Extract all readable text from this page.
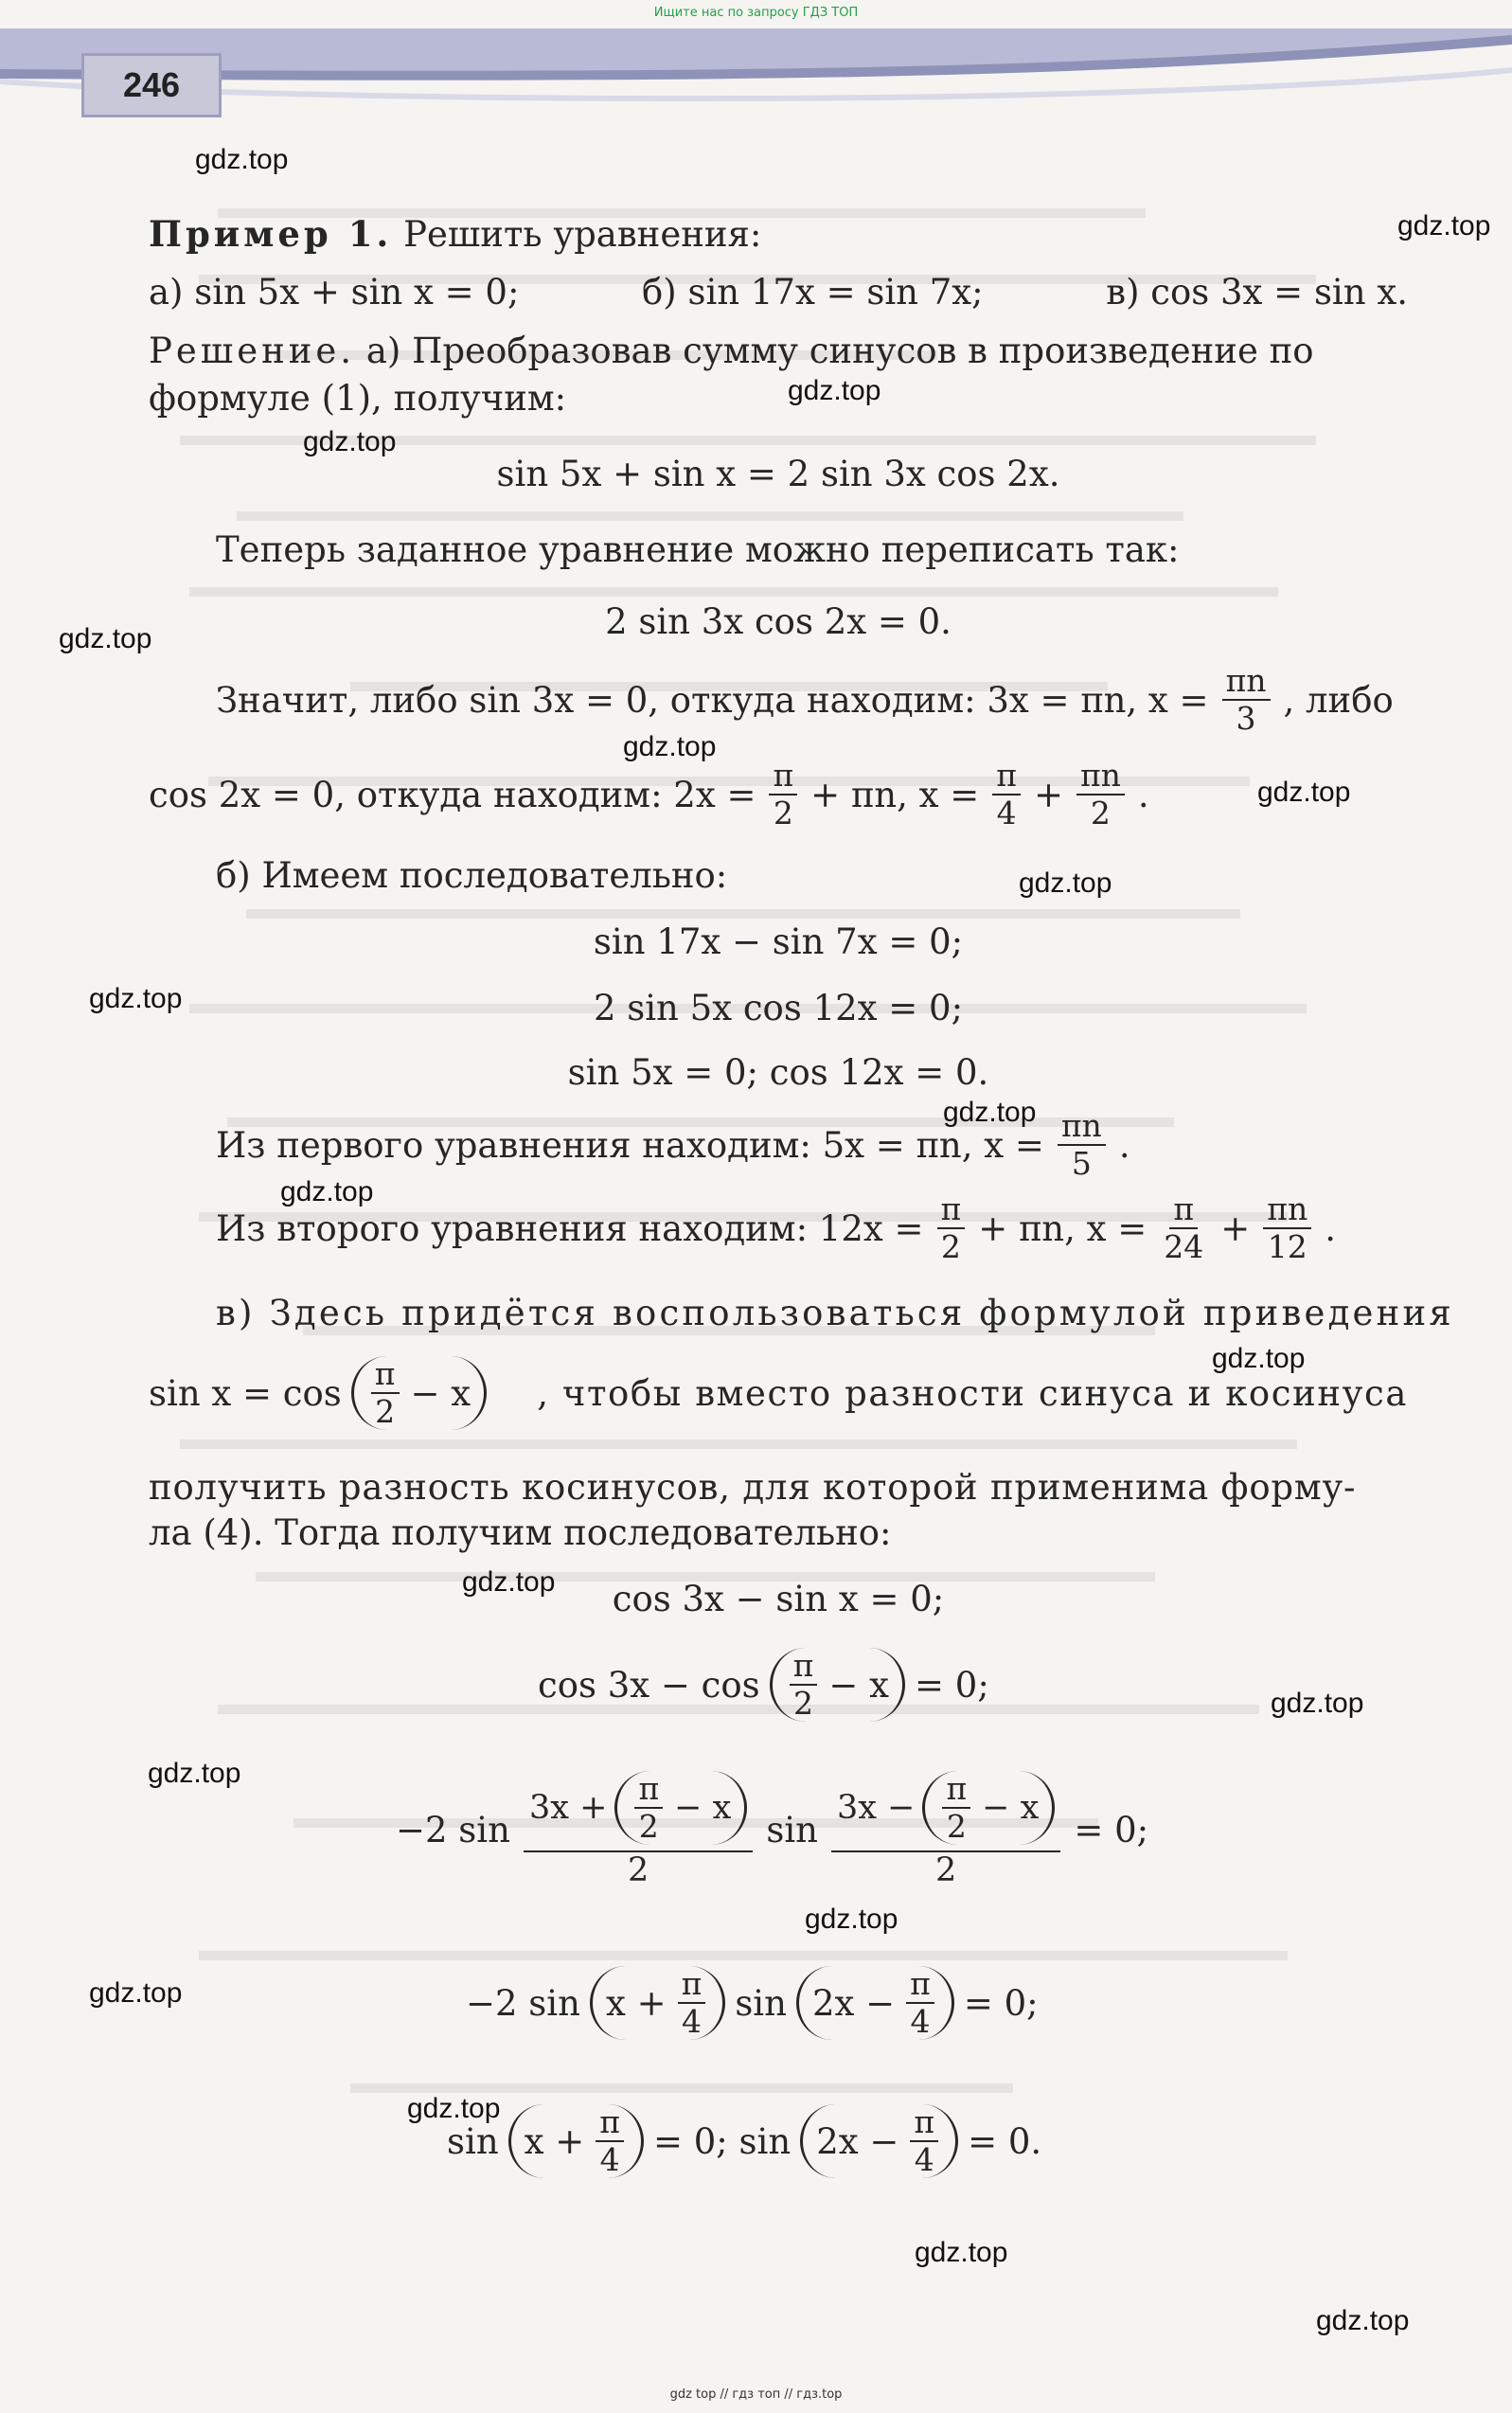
Ищите нас по запросу ГДЗ ТОП
246
Пример 1. Решить уравнения:
а) sin 5x + sin x = 0;	б) sin 17x = sin 7x;	в) cos 3x = sin x.
Решение. а) Преобразовав сумму синусов в произведение по
формуле (1), получим:
sin 5x + sin x = 2 sin 3x cos 2x.
Теперь заданное уравнение можно переписать так:
2 sin 3x cos 2x = 0.
Значит, либо sin 3x = 0, откуда находим: 3x = πn, $x = \frac{\pi n}{3}$ , либо
cos 2x = 0, откуда находим: $2x = \frac{\pi}{2} + \pi n$, $x = \frac{\pi}{4} + \frac{\pi n}{2}$ .
б) Имеем последовательно:
sin 17x − sin 7x = 0;
2 sin 5x cos 12x = 0;
sin 5x = 0; cos 12x = 0.
Из первого уравнения находим: 5x = πn, $x = \frac{\pi n}{5}$ .
Из второго уравнения находим: $12x = \frac{\pi}{2} + \pi n$, $x = \frac{\pi}{24} + \frac{\pi n}{12}$ .
в) Здесь придётся воспользоваться формулой приведения
$\sin x = \cos \frac{\pi}{2} - x$ , чтобы вместо разности синуса и косинуса
получить разность косинусов, для которой применима форму-
ла (4). Тогда получим последовательно:
cos 3x − sin x = 0;
$\cos 3x - \cos \frac{\pi}{2} - x = 0$;
−2 sin
$3x + \frac{\pi}{2} - x$
2
sin
$3x - \frac{\pi}{2} - x$
2
= 0;
−2 $\sin x + \frac{\pi}{4}$ $\sin 2x - \frac{\pi}{4} = 0$;
$\sin x + \frac{\pi}{4} = 0$; $\sin 2x - \frac{\pi}{4} = 0$.
gdz.top
gdz.top
gdz.top
gdz.top
gdz.top
gdz.top
gdz.top
gdz.top
gdz.top
gdz.top
gdz.top
gdz.top
gdz.top
gdz.top
gdz.top
gdz.top
gdz.top
gdz.top
gdz.top
gdz.top
gdz top // гдз топ // гдз.top
